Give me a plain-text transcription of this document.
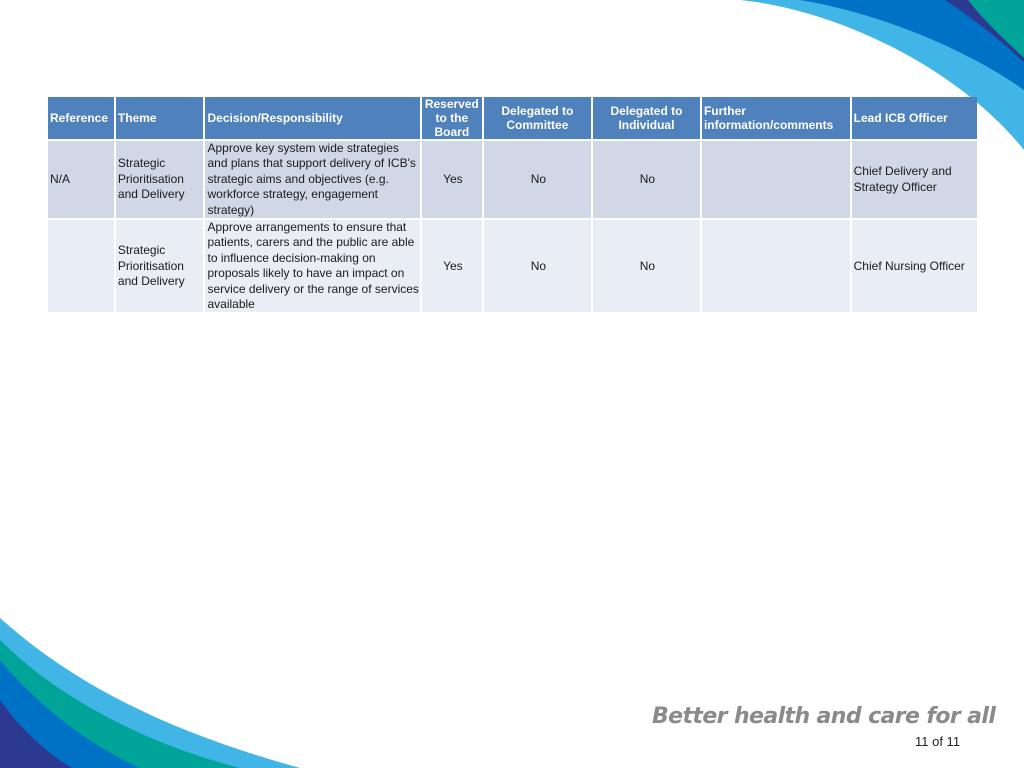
Reference	Theme	Decision/Responsibility	Reserved to the Board	Delegated to Committee	Delegated to Individual	Further information/comments	Lead ICB Officer
N/A	Strategic Prioritisation and Delivery	Approve key system wide strategies and plans that support delivery of ICB's strategic aims and objectives (e.g. workforce strategy, engagement strategy)	Yes	No	No		Chief Delivery and Strategy Officer
	Strategic Prioritisation and Delivery	Approve arrangements to ensure that patients, carers and the public are able to influence decision-making on proposals likely to have an impact on service delivery or the range of services available	Yes	No	No		Chief Nursing Officer
Better health and care for all
11 of 11
